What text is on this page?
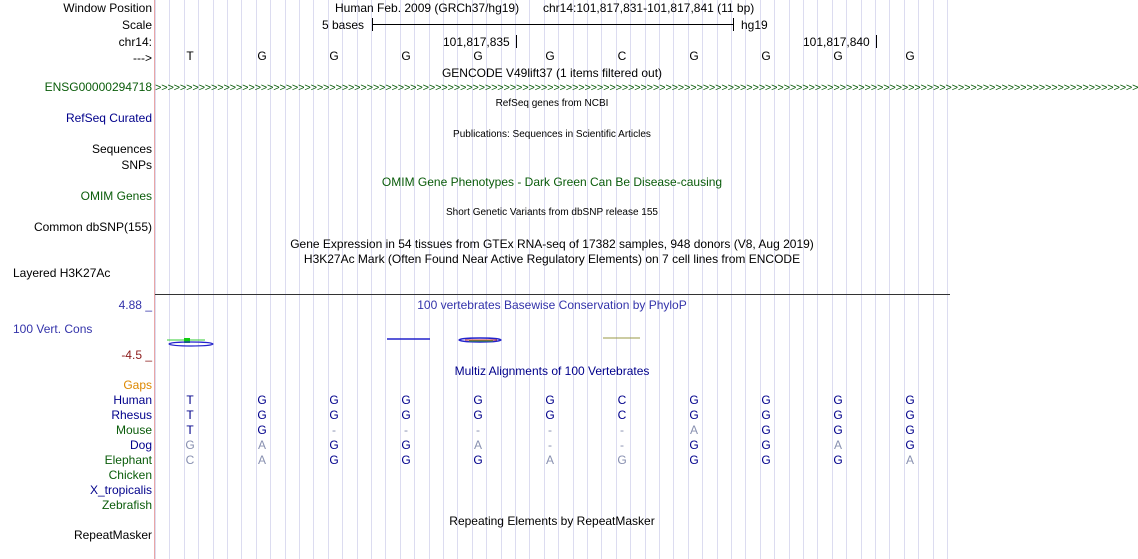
Window Position
Scale
chr14:
--->
ENSG00000294718
RefSeq Curated
Sequences
SNPs
OMIM Genes
Common dbSNP(155)
Layered H3K27Ac
4.88 _
100 Vert. Cons
-4.5 _
Gaps
Human
Rhesus
Mouse
Dog
Elephant
Chicken
X_tropicalis
Zebrafish
RepeatMasker
Human Feb. 2009 (GRCh37/hg19) chr14:101,817,831-101,817,841 (11 bp)
5 bases	hg19
101,817,835	101,817,840
T	G	G	G	G	G	C	G	G	G	G
GENCODE V49lift37 (1 items filtered out)
>>>>>>>>>>>>>>>>>>>>>>>>>>>>>>>>>>>>>>>>>>>>>>>>>>>>>>>>>>>>>>>>>>>>>>>>>>>>>>>>>>>>>>>>>>>>>>>>>>>>>>>>>>>>>>>>>>>>>>>>>>>>>>>>>>>>>>>>>>>>>>>>>>>>>>>>>>>>>>
RefSeq genes from NCBI
Publications: Sequences in Scientific Articles
OMIM Gene Phenotypes - Dark Green Can Be Disease-causing
Short Genetic Variants from dbSNP release 155
Gene Expression in 54 tissues from GTEx RNA-seq of 17382 samples, 948 donors (V8, Aug 2019)
H3K27Ac Mark (Often Found Near Active Regulatory Elements) on 7 cell lines from ENCODE
100 vertebrates Basewise Conservation by PhyloP
Multiz Alignments of 100 Vertebrates
T	G	G	G	G	G	C	G	G	G	G
T	G	G	G	G	G	C	G	G	G	G
T	G	-	-	-	-	-	A	G	G	G
G	A	G	G	A	-	-	G	G	A	G
C	A	G	G	G	A	G	G	G	G	A
Repeating Elements by RepeatMasker
